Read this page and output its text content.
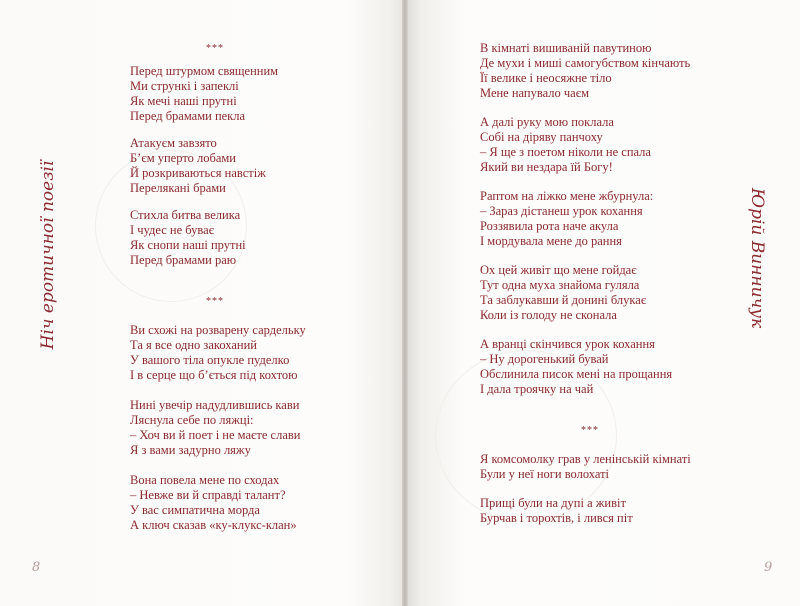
Ніч еротичної поезії	Юрій Винничук
***
Перед штурмом священним
Ми стрункі і запеклі
Як мечі наші прутні
Перед брамами пекла
Атакуєм завзято
Б’єм уперто лобами
Й розкриваються навстіж
Перелякані брами
Стихла битва велика
І чудес не буває
Як снопи наші прутні
Перед брамами раю
***
Ви схожі на розварену сардельку
Та я все одно закоханий
У вашого тіла опукле пуделко
І в серце що б’ється під кохтою
Нині увечір надудлившись кави
Ляснула себе по ляжці:
– Хоч ви й поет і не маєте слави
Я з вами задурно ляжу
Вона повела мене по сходах
– Невже ви й справді талант?
У вас симпатична морда
А ключ сказав «ку-клукс-клан»
В кімнаті вишиваній павутиною
Де мухи і миші самогубством кінчають
Її велике і неосяжне тіло
Мене напувало чаєм
А далі руку мою поклала
Собі на діряву панчоху
– Я ще з поетом ніколи не спала
Який ви нездара їй Богу!
Раптом на ліжко мене жбурнула:
– Зараз дістанеш урок кохання
Роззявила рота наче акула
І мордувала мене до рання
Ох цей живіт що мене гойдає
Тут одна муха знайома гуляла
Та заблукавши й донині блукає
Коли із голоду не сконала
А вранці скінчився урок кохання
– Ну дорогенький бувай
Обслинила писок мені на прощання
І дала троячку на чай
***
Я комсомолку грав у ленінській кімнаті
Були у неї ноги волохаті
Прищі були на дупі а живіт
Бурчав і торохтів, і лився піт
8	9
